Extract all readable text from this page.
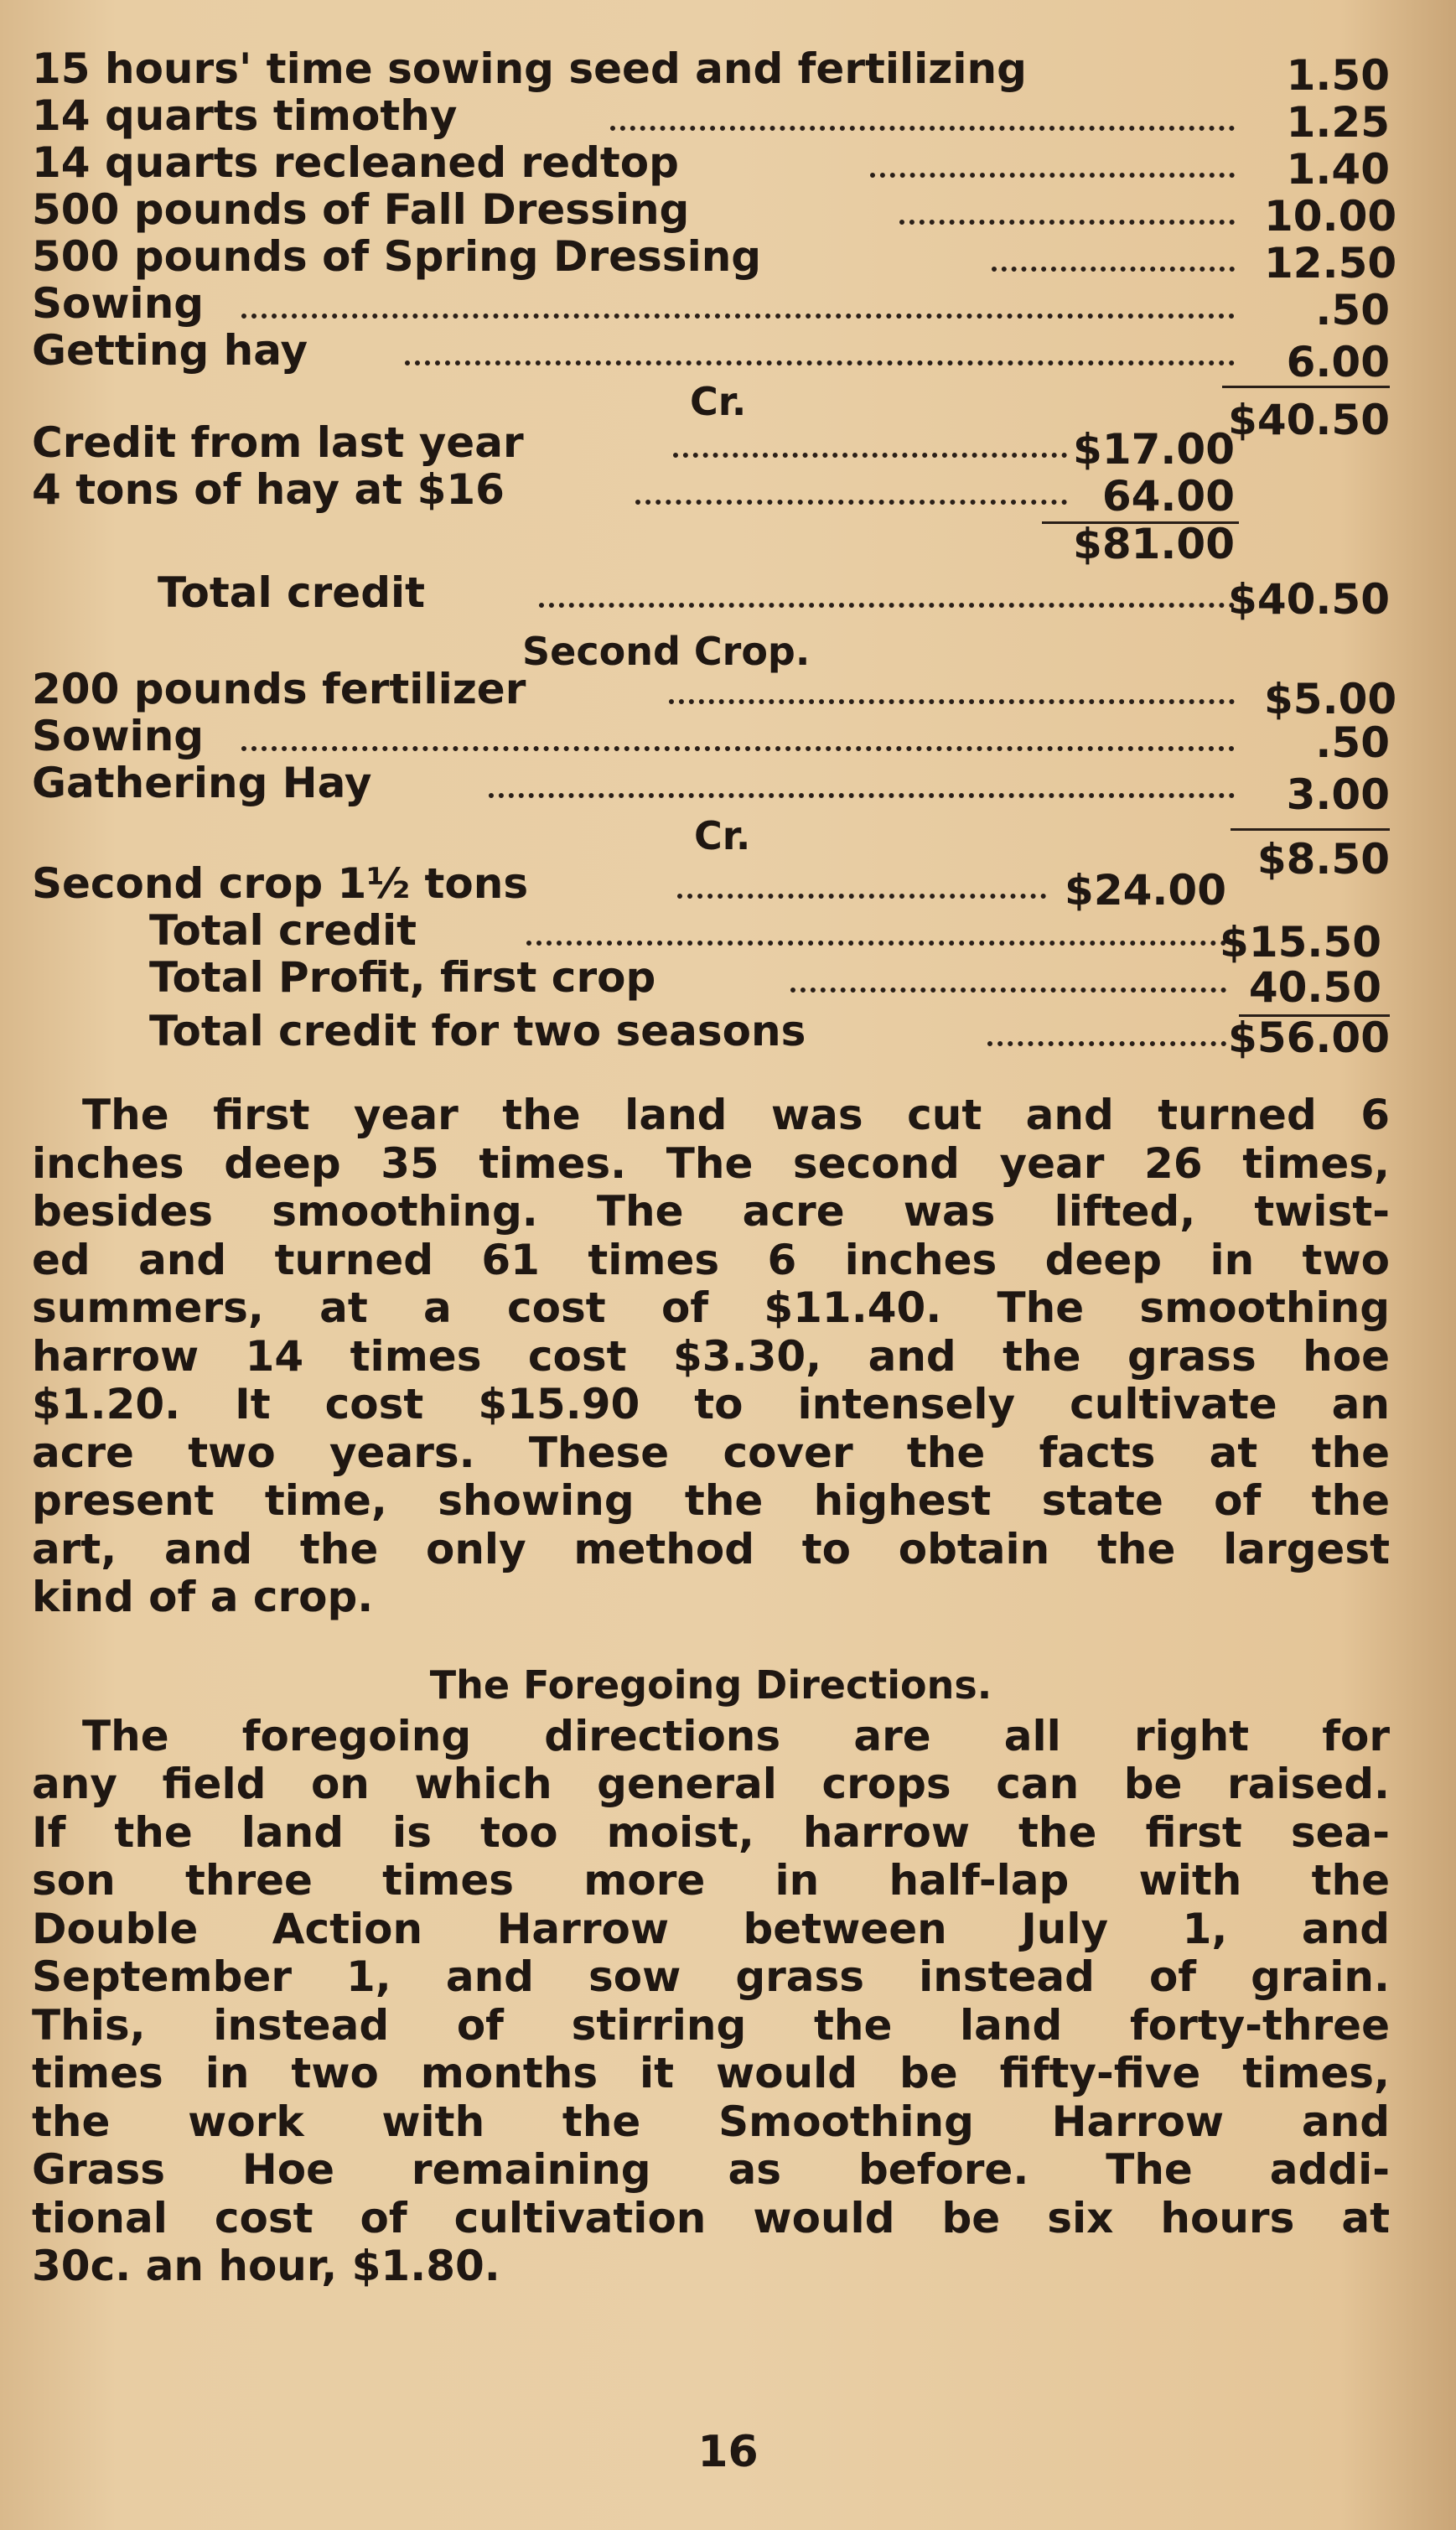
15 hours' time sowing seed and fertilizing	1.50
14 quarts timothy	1.25
14 quarts recleaned redtop	1.40
500 pounds of Fall Dressing	10.00
500 pounds of Spring Dressing	12.50
Sowing	.50
Getting hay	6.00
Cr.	$40.50
Credit from last year	$17.00
4 tons of hay at $16	64.00
$81.00
Total credit	$40.50
Second Crop.
200 pounds fertilizer	$5.00
Sowing	.50
Gathering Hay	3.00
Cr.	$8.50
Second crop 1½ tons	$24.00
Total credit	$15.50
Total Profit, first crop	40.50
Total credit for two seasons	$56.00
The first year the land was cut and turned 6
inches deep 35 times. The second year 26 times,
besides smoothing. The acre was lifted, twist-
ed and turned 61 times 6 inches deep in two
summers, at a cost of $11.40. The smoothing
harrow 14 times cost $3.30, and the grass hoe
$1.20. It cost $15.90 to intensely cultivate an
acre two years. These cover the facts at the
present time, showing the highest state of the
art, and the only method to obtain the largest
kind of a crop.
The Foregoing Directions.
The foregoing directions are all right for
any field on which general crops can be raised.
If the land is too moist, harrow the first sea-
son three times more in half-lap with the
Double Action Harrow between July 1, and
September 1, and sow grass instead of grain.
This, instead of stirring the land forty-three
times in two months it would be fifty-five times,
the work with the Smoothing Harrow and
Grass Hoe remaining as before. The addi-
tional cost of cultivation would be six hours at
30c. an hour, $1.80.
16
